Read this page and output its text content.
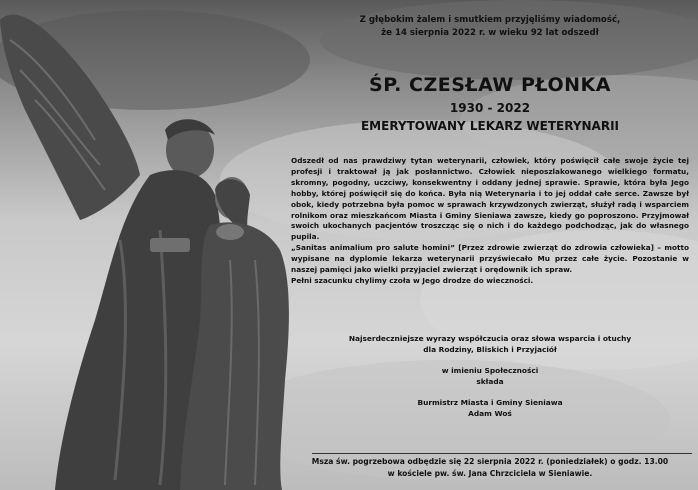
Z głębokim żalem i smutkiem przyjęliśmy wiadomość,

że 14 sierpnia 2022 r. w wieku 92 lat odszedł

ŚP. CZESŁAW PŁONKA

1930 - 2022

EMERYTOWANY LEKARZ WETERYNARII

Odszedł od nas prawdziwy tytan weterynarii, człowiek, który poświęcił całe swoje życie tej profesji i traktował ją jak posłannictwo. Człowiek nieposzlakowanego wielkiego formatu, skromny, pogodny, uczciwy, konsekwentny i oddany jednej sprawie. Sprawie, która była Jego hobby, której poświęcił się do końca. Była nią Weterynaria i to jej oddał całe serce. Zawsze był obok, kiedy potrzebna była pomoc w sprawach krzywdzonych zwierząt, służył radą i wsparciem rolnikom oraz mieszkańcom Miasta i Gminy Sieniawa zawsze, kiedy go poproszono. Przyjmował swoich ukochanych pacjentów troszcząc się o nich i do każdego podchodząc, jak do własnego pupila.

„Sanitas animalium pro salute homini” [Przez zdrowie zwierząt do zdrowia człowieka] – motto wypisane na dyplomie lekarza weterynarii przyświecało Mu przez całe życie. Pozostanie w naszej pamięci jako wielki przyjaciel zwierząt i orędownik ich spraw.

Pełni szacunku chylimy czoła w Jego drodze do wieczności.

Najserdeczniejsze wyrazy współczucia oraz słowa wsparcia i otuchy

dla Rodziny, Bliskich i Przyjaciół

w imieniu Społeczności

składa

Burmistrz Miasta i Gminy Sieniawa

Adam Woś

Msza św. pogrzebowa odbędzie się 22 sierpnia 2022 r. (poniedziałek) o godz. 13.00

w kościele pw. św. Jana Chrzciciela w Sieniawie.
